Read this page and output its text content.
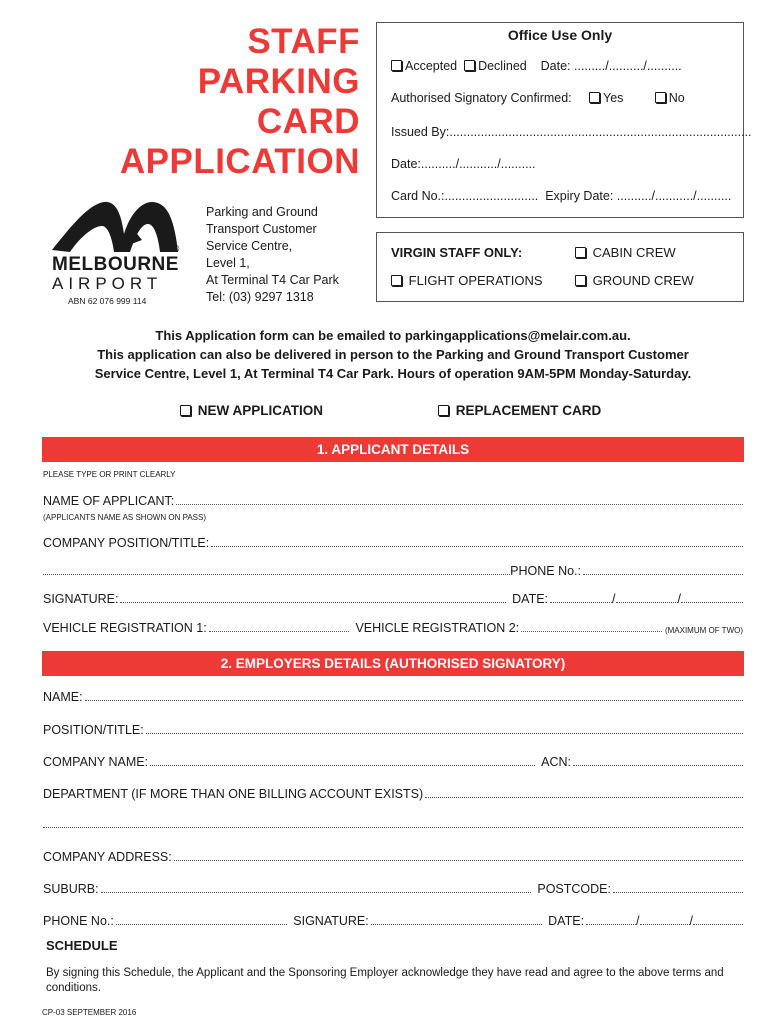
STAFF
PARKING
CARD
APPLICATION
Office Use Only
Accepted Declined Date: ........./........../..........
Authorised Signatory Confirmed:	Yes	No
Issued By:.......................................................................................
Date:........../.........../..........
Card No.:........................... Expiry Date: ........../.........../..........
VIRGIN STAFF ONLY:	CABIN CREW
FLIGHT OPERATIONS	GROUND CREW
MELBOURNE
AIRPORT
®
ABN 62 076 999 114
Parking and Ground
Transport Customer
Service Centre,
Level 1,
At Terminal T4 Car Park
Tel: (03) 9297 1318
This Application form can be emailed to parkingapplications@melair.com.au.
This application can also be delivered in person to the Parking and Ground Transport Customer
Service Centre, Level 1, At Terminal T4 Car Park. Hours of operation 9AM-5PM Monday-Saturday.
NEW APPLICATION	REPLACEMENT CARD
1. APPLICANT DETAILS
PLEASE TYPE OR PRINT CLEARLY
NAME OF APPLICANT:
(APPLICANTS NAME AS SHOWN ON PASS)
COMPANY POSITION/TITLE:
PHONE No.:
SIGNATURE:	DATE:	/	/
VEHICLE REGISTRATION 1:	VEHICLE REGISTRATION 2:	(MAXIMUM OF TWO)
2. EMPLOYERS DETAILS (AUTHORISED SIGNATORY)
NAME:
POSITION/TITLE:
COMPANY NAME:	ACN:
DEPARTMENT (IF MORE THAN ONE BILLING ACCOUNT EXISTS)
COMPANY ADDRESS:
SUBURB:	POSTCODE:
PHONE No.:	SIGNATURE:	DATE:	/	/
SCHEDULE
By signing this Schedule, the Applicant and the Sponsoring Employer acknowledge they have read and agree to the above terms and conditions.
CP-03 SEPTEMBER 2016
